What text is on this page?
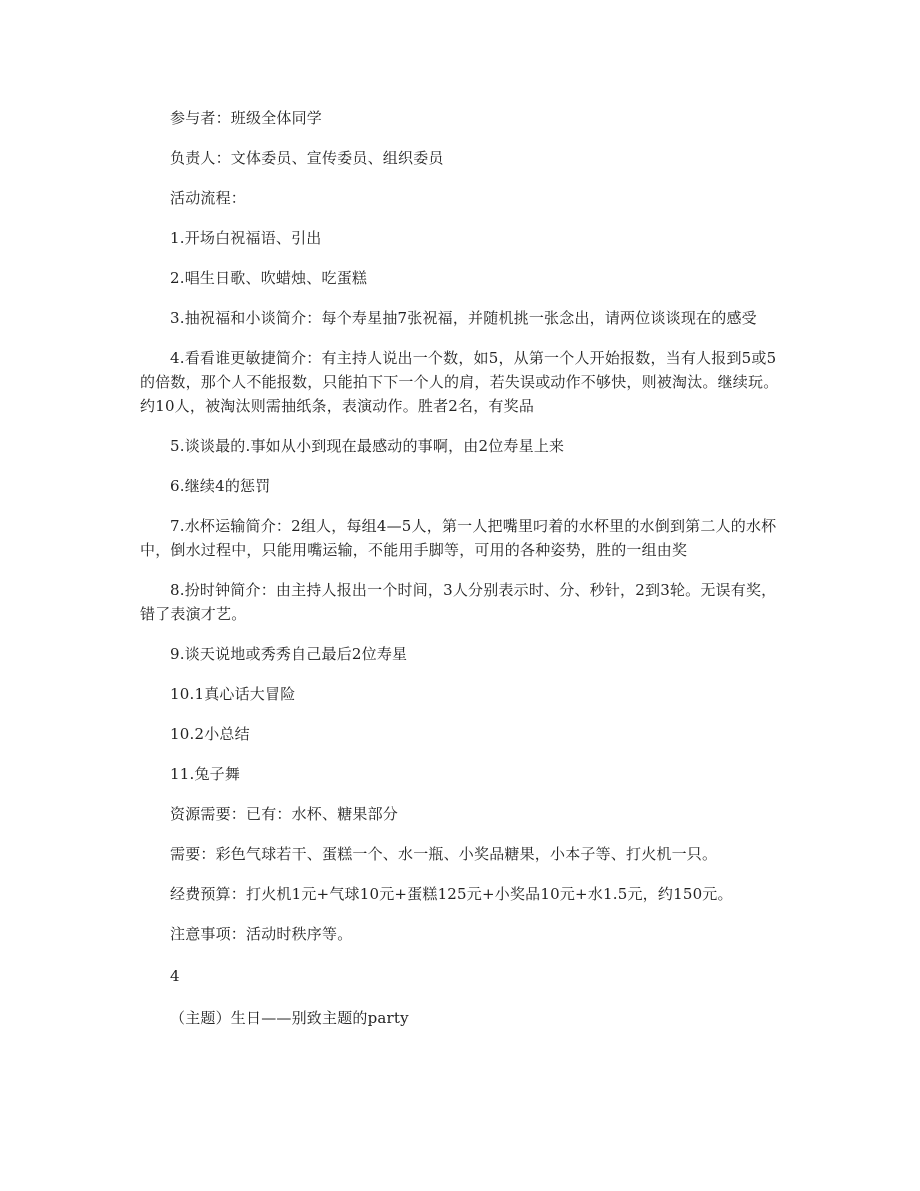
参与者：班级全体同学

负责人：文体委员、宣传委员、组织委员

活动流程：

1.开场白祝福语、引出

2.唱生日歌、吹蜡烛、吃蛋糕

3.抽祝福和小谈简介：每个寿星抽7张祝福，并随机挑一张念出，请两位谈谈现在的感受

4.看看谁更敏捷简介：有主持人说出一个数，如5，从第一个人开始报数，当有人报到5或5的倍数，那个人不能报数，只能拍下下一个人的肩，若失误或动作不够快，则被淘汰。继续玩。约10人，被淘汰则需抽纸条，表演动作。胜者2名，有奖品

5.谈谈最的.事如从小到现在最感动的事啊，由2位寿星上来

6.继续4的惩罚

7.水杯运输简介：2组人，每组4—5人，第一人把嘴里叼着的水杯里的水倒到第二人的水杯中，倒水过程中，只能用嘴运输，不能用手脚等，可用的各种姿势，胜的一组由奖

8.扮时钟简介：由主持人报出一个时间，3人分别表示时、分、秒针，2到3轮。无误有奖，错了表演才艺。

9.谈天说地或秀秀自己最后2位寿星

10.1真心话大冒险

10.2小总结

11.兔子舞

资源需要：已有：水杯、糖果部分

需要：彩色气球若干、蛋糕一个、水一瓶、小奖品糖果，小本子等、打火机一只。

经费预算：打火机1元+气球10元+蛋糕125元+小奖品10元+水1.5元，约150元。

注意事项：活动时秩序等。

4

（主题）生日——别致主题的party
